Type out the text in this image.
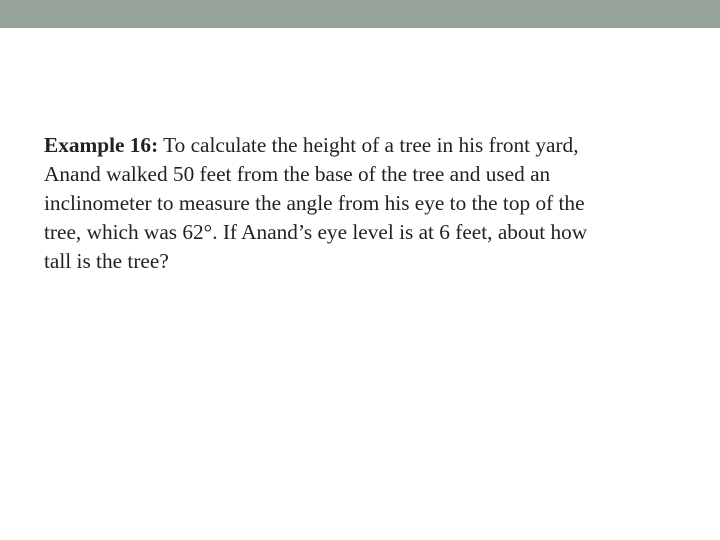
Example 16: To calculate the height of a tree in his front yard,
Anand walked 50 feet from the base of the tree and used an
inclinometer to measure the angle from his eye to the top of the
tree, which was 62°. If Anand’s eye level is at 6 feet, about how
tall is the tree?
